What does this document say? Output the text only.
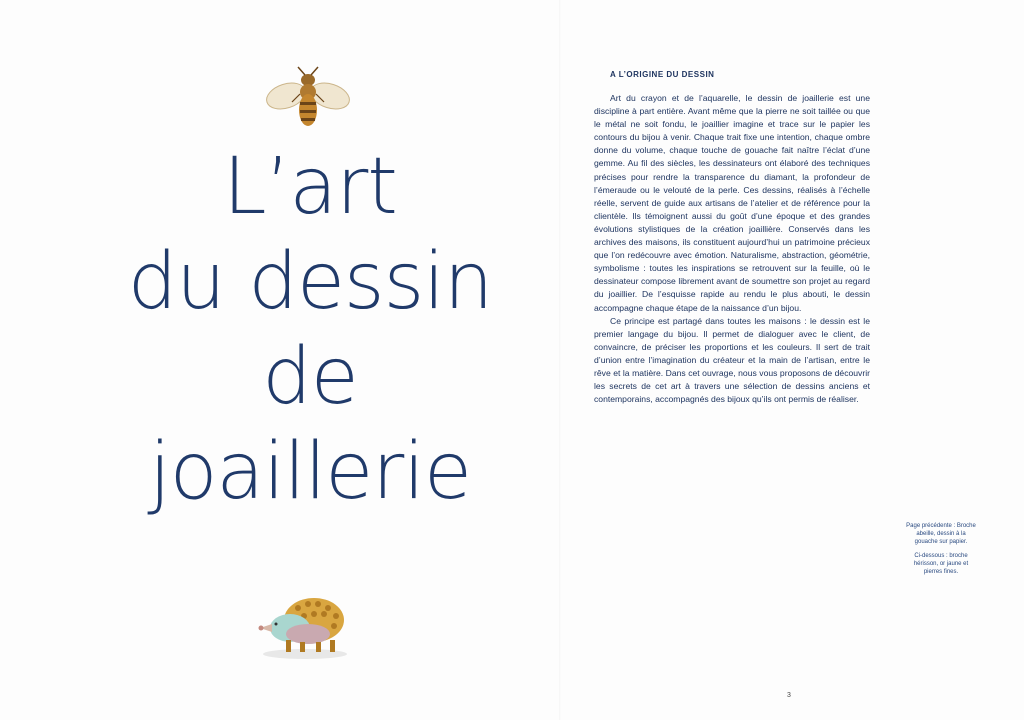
L’art
du dessin
de
joaillerie
A L’ORIGINE DU DESSIN

Art du crayon et de l’aquarelle, le dessin de joaillerie est une discipline à part entière. Avant même que la pierre ne soit taillée ou que le métal ne soit fondu, le joaillier imagine et trace sur le papier les contours du bijou à venir. Chaque trait fixe une intention, chaque ombre donne du volume, chaque touche de gouache fait naître l’éclat d’une gemme. Au fil des siècles, les dessinateurs ont élaboré des techniques précises pour rendre la transparence du diamant, la profondeur de l’émeraude ou le velouté de la perle. Ces dessins, réalisés à l’échelle réelle, servent de guide aux artisans de l’atelier et de référence pour la clientèle. Ils témoignent aussi du goût d’une époque et des grandes évolutions stylistiques de la création joaillière. Conservés dans les archives des maisons, ils constituent aujourd’hui un patrimoine précieux que l’on redécouvre avec émotion. Naturalisme, abstraction, géométrie, symbolisme : toutes les inspirations se retrouvent sur la feuille, où le dessinateur compose librement avant de soumettre son projet au regard du joaillier. De l’esquisse rapide au rendu le plus abouti, le dessin accompagne chaque étape de la naissance d’un bijou.

Ce principe est partagé dans toutes les maisons : le dessin est le premier langage du bijou. Il permet de dialoguer avec le client, de convaincre, de préciser les proportions et les couleurs. Il sert de trait d’union entre l’imagination du créateur et la main de l’artisan, entre le rêve et la matière. Dans cet ouvrage, nous vous proposons de découvrir les secrets de cet art à travers une sélection de dessins anciens et contemporains, accompagnés des bijoux qu’ils ont permis de réaliser.

Page précédente : Broche abeille, dessin à la gouache sur papier.

Ci-dessous : broche hérisson, or jaune et pierres fines.

3
